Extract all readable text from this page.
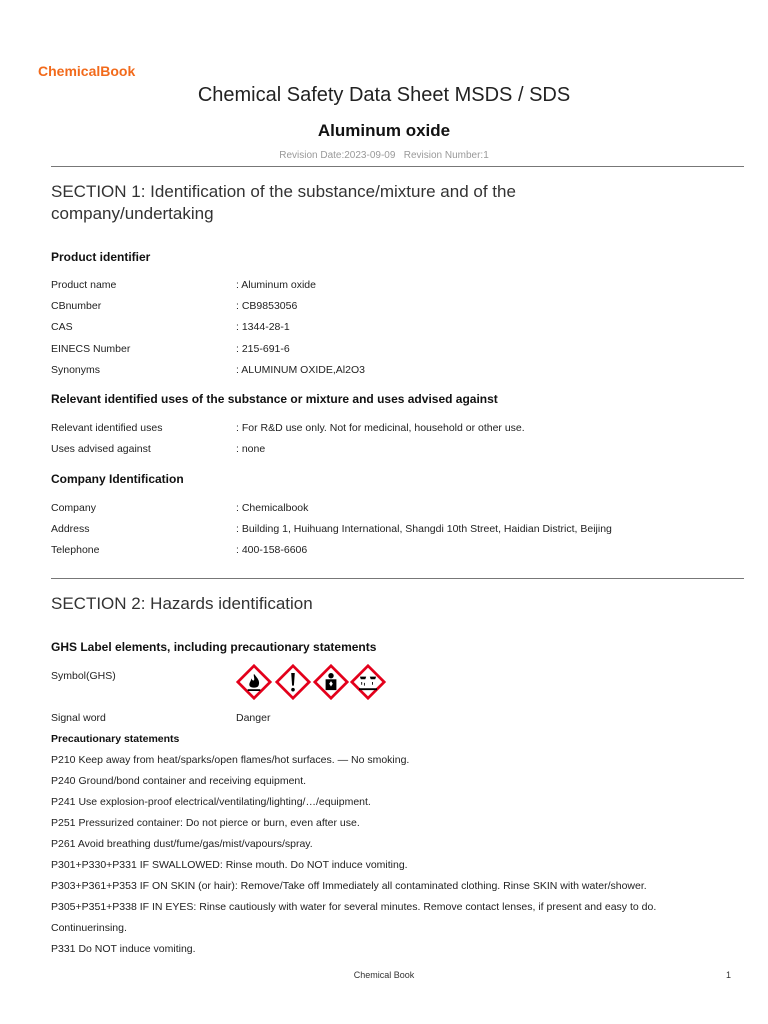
ChemicalBook
Chemical Safety Data Sheet MSDS / SDS
Aluminum oxide
Revision Date:2023-09-09   Revision Number:1
SECTION 1: Identification of the substance/mixture and of the company/undertaking
Product identifier
Product name	: Aluminum oxide
CBnumber	: CB9853056
CAS	: 1344-28-1
EINECS Number	: 215-691-6
Synonyms	: ALUMINUM OXIDE,Al2O3
Relevant identified uses of the substance or mixture and uses advised against
Relevant identified uses	: For R&D use only. Not for medicinal, household or other use.
Uses advised against	: none
Company Identification
Company	: Chemicalbook
Address	: Building 1, Huihuang International, Shangdi 10th Street, Haidian District, Beijing
Telephone	: 400-158-6606
SECTION 2: Hazards identification
GHS Label elements, including precautionary statements
Symbol(GHS)
Signal word	Danger
Precautionary statements
P210 Keep away from heat/sparks/open flames/hot surfaces. — No smoking.
P240 Ground/bond container and receiving equipment.
P241 Use explosion-proof electrical/ventilating/lighting/…/equipment.
P251 Pressurized container: Do not pierce or burn, even after use.
P261 Avoid breathing dust/fume/gas/mist/vapours/spray.
P301+P330+P331 IF SWALLOWED: Rinse mouth. Do NOT induce vomiting.
P303+P361+P353 IF ON SKIN (or hair): Remove/Take off Immediately all contaminated clothing. Rinse SKIN with water/shower.
P305+P351+P338 IF IN EYES: Rinse cautiously with water for several minutes. Remove contact lenses, if present and easy to do.
Continuerinsing.
P331 Do NOT induce vomiting.
Chemical Book	1
